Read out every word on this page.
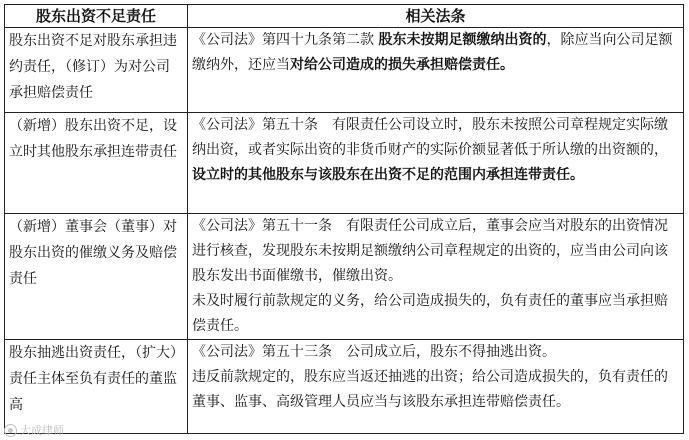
股东出资不足责任	相关法条
股东出资不足对股东承担违约责任，（修订）为对公司承担赔偿责任	《公司法》第四十九条第二款 股东未按期足额缴纳出资的，除应当向公司足额缴纳外，还应当对给公司造成的损失承担赔偿责任。
（新增）股东出资不足，设立时其他股东承担连带责任	《公司法》第五十条　有限责任公司设立时，股东未按照公司章程规定实际缴纳出资，或者实际出资的非货币财产的实际价额显著低于所认缴的出资额的，设立时的其他股东与该股东在出资不足的范围内承担连带责任。
（新增）董事会（董事）对股东出资的催缴义务及赔偿责任	《公司法》第五十一条　有限责任公司成立后，董事会应当对股东的出资情况进行核查，发现股东未按期足额缴纳公司章程规定的出资的，应当由公司向该股东发出书面催缴书，催缴出资。
未及时履行前款规定的义务，给公司造成损失的，负有责任的董事应当承担赔偿责任。
股东抽逃出资责任，（扩大）责任主体至负有责任的董监高	《公司法》第五十三条　公司成立后，股东不得抽逃出资。
违反前款规定的，股东应当返还抽逃的出资；给公司造成损失的，负有责任的董事、监事、高级管理人员应当与该股东承担连带赔偿责任。
大成律师
